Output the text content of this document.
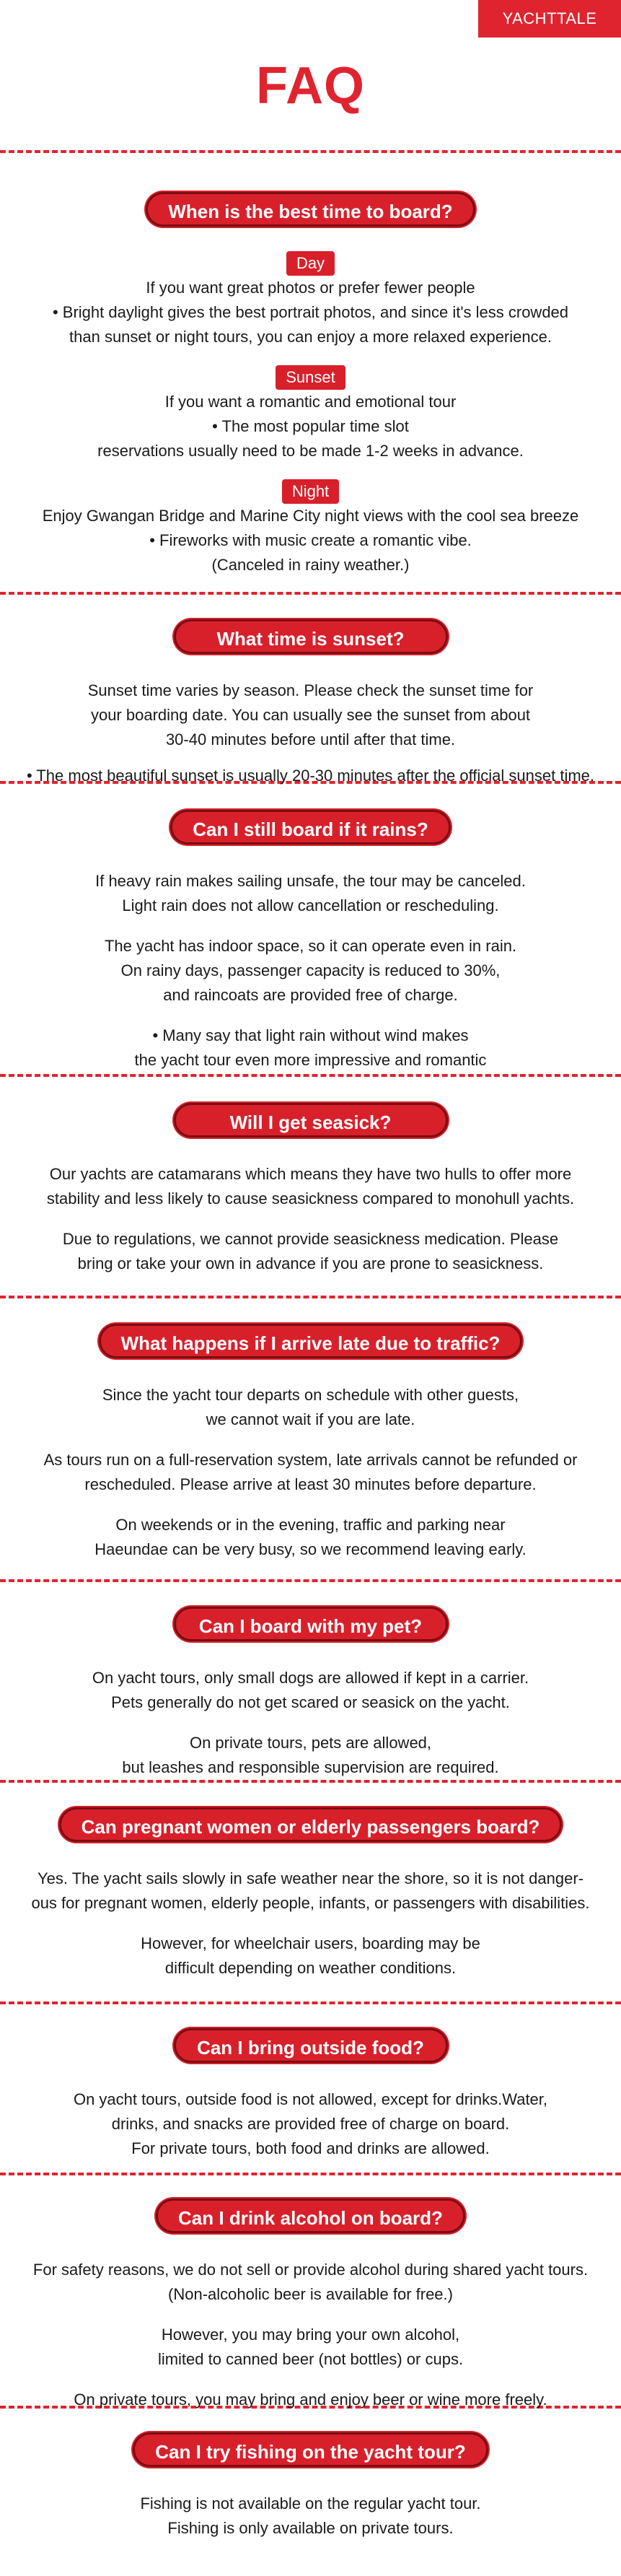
YACHTTALE
FAQ
When is the best time to board?
Day

If you want great photos or prefer fewer people

• Bright daylight gives the best portrait photos, and since it's less crowded

than sunset or night tours, you can enjoy a more relaxed experience.

Sunset

If you want a romantic and emotional tour

• The most popular time slot

reservations usually need to be made 1-2 weeks in advance.

Night

Enjoy Gwangan Bridge and Marine City night views with the cool sea breeze

• Fireworks with music create a romantic vibe.

(Canceled in rainy weather.)

What time is sunset?

Sunset time varies by season. Please check the sunset time for

your boarding date. You can usually see the sunset from about

30-40 minutes before until after that time.

• The most beautiful sunset is usually 20-30 minutes after the official sunset time.

Can I still board if it rains?

If heavy rain makes sailing unsafe, the tour may be canceled.

Light rain does not allow cancellation or rescheduling.

The yacht has indoor space, so it can operate even in rain.

On rainy days, passenger capacity is reduced to 30%,

and raincoats are provided free of charge.

• Many say that light rain without wind makes

the yacht tour even more impressive and romantic

Will I get seasick?

Our yachts are catamarans which means they have two hulls to offer more

stability and less likely to cause seasickness compared to monohull yachts.

Due to regulations, we cannot provide seasickness medication. Please

bring or take your own in advance if you are prone to seasickness.

What happens if I arrive late due to traffic?

Since the yacht tour departs on schedule with other guests,

we cannot wait if you are late.

As tours run on a full-reservation system, late arrivals cannot be refunded or

rescheduled. Please arrive at least 30 minutes before departure.

On weekends or in the evening, traffic and parking near

Haeundae can be very busy, so we recommend leaving early.

Can I board with my pet?

On yacht tours, only small dogs are allowed if kept in a carrier.

Pets generally do not get scared or seasick on the yacht.

On private tours, pets are allowed,

but leashes and responsible supervision are required.

Can pregnant women or elderly passengers board?

Yes. The yacht sails slowly in safe weather near the shore, so it is not danger-

ous for pregnant women, elderly people, infants, or passengers with disabilities.

However, for wheelchair users, boarding may be

difficult depending on weather conditions.

Can I bring outside food?

On yacht tours, outside food is not allowed, except for drinks.Water,

drinks, and snacks are provided free of charge on board.

For private tours, both food and drinks are allowed.

Can I drink alcohol on board?

For safety reasons, we do not sell or provide alcohol during shared yacht tours.

(Non-alcoholic beer is available for free.)

However, you may bring your own alcohol,

limited to canned beer (not bottles) or cups.

On private tours, you may bring and enjoy beer or wine more freely.

Can I try fishing on the yacht tour?

Fishing is not available on the regular yacht tour.

Fishing is only available on private tours.
